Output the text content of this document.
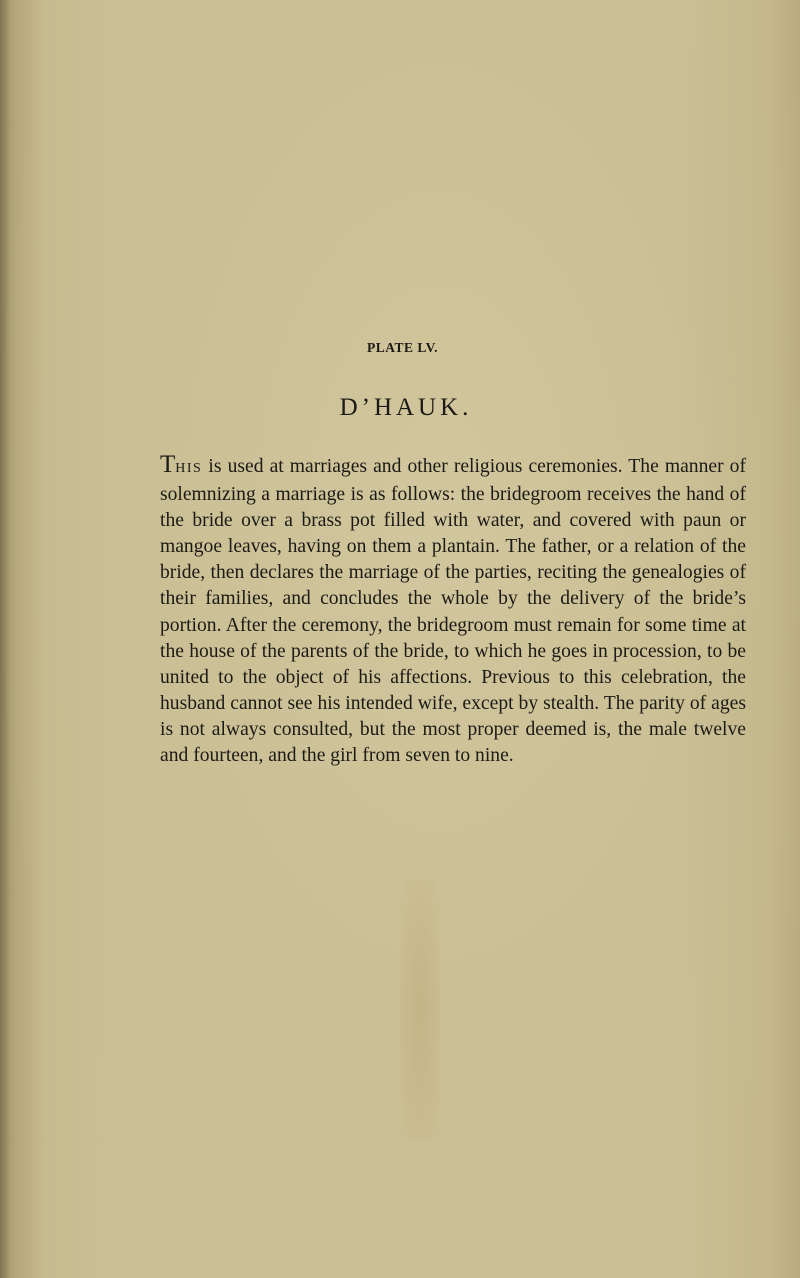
PLATE LV.
D’HAUK.

THIS is used at marriages and other religious ceremonies. The manner of solemnizing a marriage is as follows: the bridegroom receives the hand of the bride over a brass pot filled with water, and covered with paun or mangoe leaves, having on them a plantain. The father, or a relation of the bride, then declares the marriage of the parties, reciting the genealogies of their families, and concludes the whole by the delivery of the bride’s portion. After the ceremony, the bridegroom must remain for some time at the house of the parents of the bride, to which he goes in procession, to be united to the object of his affections. Previous to this celebration, the husband cannot see his intended wife, except by stealth. The parity of ages is not always consulted, but the most proper deemed is, the male twelve and fourteen, and the girl from seven to nine.
